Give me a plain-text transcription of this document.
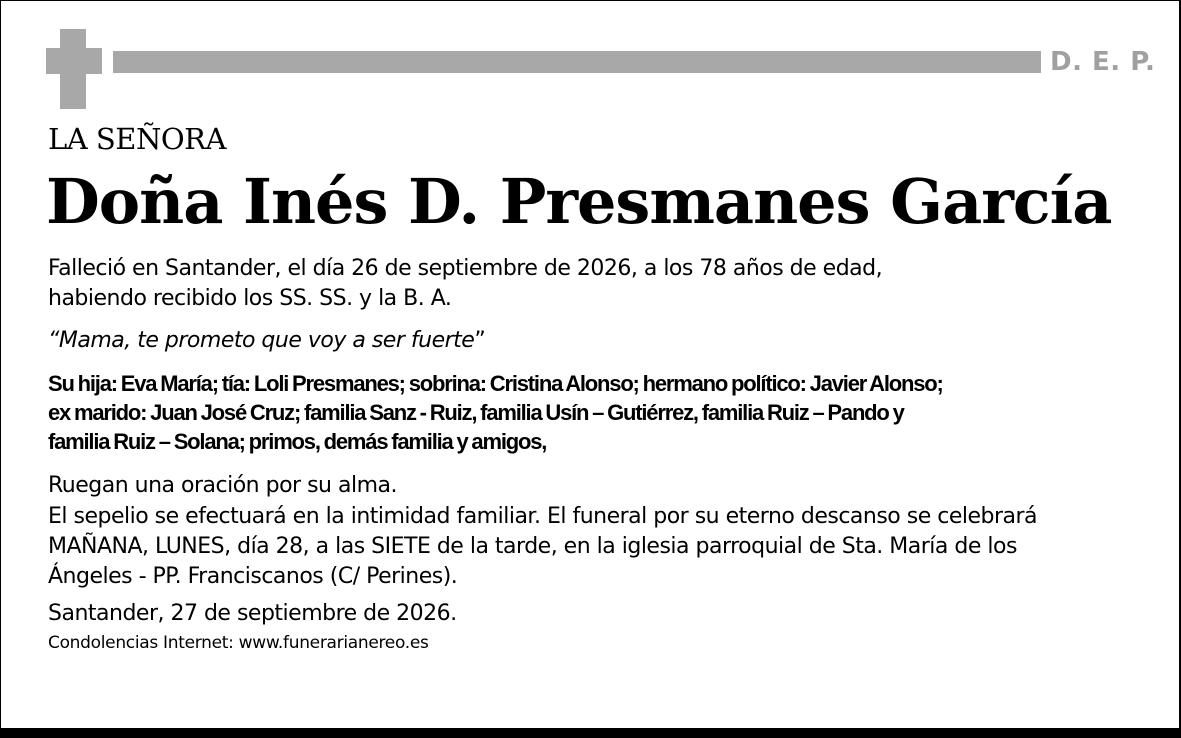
D. E. P.
LA SEÑORA
Doña Inés D. Presmanes García
Falleció en Santander, el día 26 de septiembre de 2026, a los 78 años de edad,
habiendo recibido los SS. SS. y la B. A.
“Mama, te prometo que voy a ser fuerte”
Su hija: Eva María; tía: Loli Presmanes; sobrina: Cristina Alonso; hermano político: Javier Alonso;
ex marido: Juan José Cruz; familia Sanz - Ruiz, familia Usín – Gutiérrez, familia Ruiz – Pando y
familia Ruiz – Solana; primos, demás familia y amigos,
Ruegan una oración por su alma.
El sepelio se efectuará en la intimidad familiar. El funeral por su eterno descanso se celebrará
MAÑANA, LUNES, día 28, a las SIETE de la tarde, en la iglesia parroquial de Sta. María de los
Ángeles - PP. Franciscanos (C/ Perines).
Santander, 27 de septiembre de 2026.
Condolencias Internet: www.funerarianereo.es
